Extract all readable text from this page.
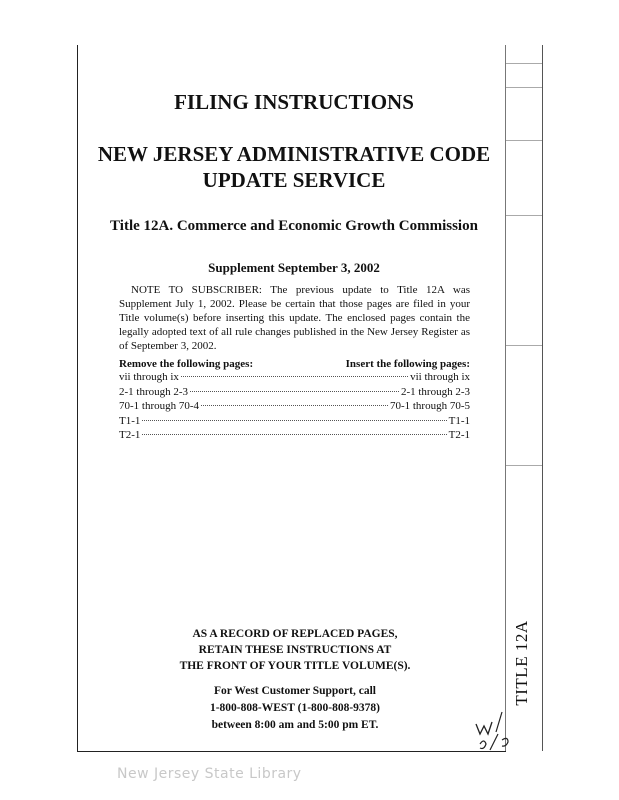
TITLE 12A
FILING INSTRUCTIONS
NEW JERSEY ADMINISTRATIVE CODE
UPDATE SERVICE
Title 12A. Commerce and Economic Growth Commission
Supplement September 3, 2002
NOTE TO SUBSCRIBER: The previous update to Title 12A was Supplement July 1, 2002. Please be certain that those pages are filed in your Title volume(s) before inserting this update. The enclosed pages contain the legally adopted text of all rule changes published in the New Jersey Register as of September 3, 2002.
Remove the following pages:	Insert the following pages:
vii through ix	vii through ix
2-1 through 2-3	2-1 through 2-3
70-1 through 70-4	70-1 through 70-5
T1-1	T1-1
T2-1	T2-1
AS A RECORD OF REPLACED PAGES,
RETAIN THESE INSTRUCTIONS AT
THE FRONT OF YOUR TITLE VOLUME(S).
For West Customer Support, call
1-800-808-WEST (1-800-808-9378)
between 8:00 am and 5:00 pm ET.
New Jersey State Library
